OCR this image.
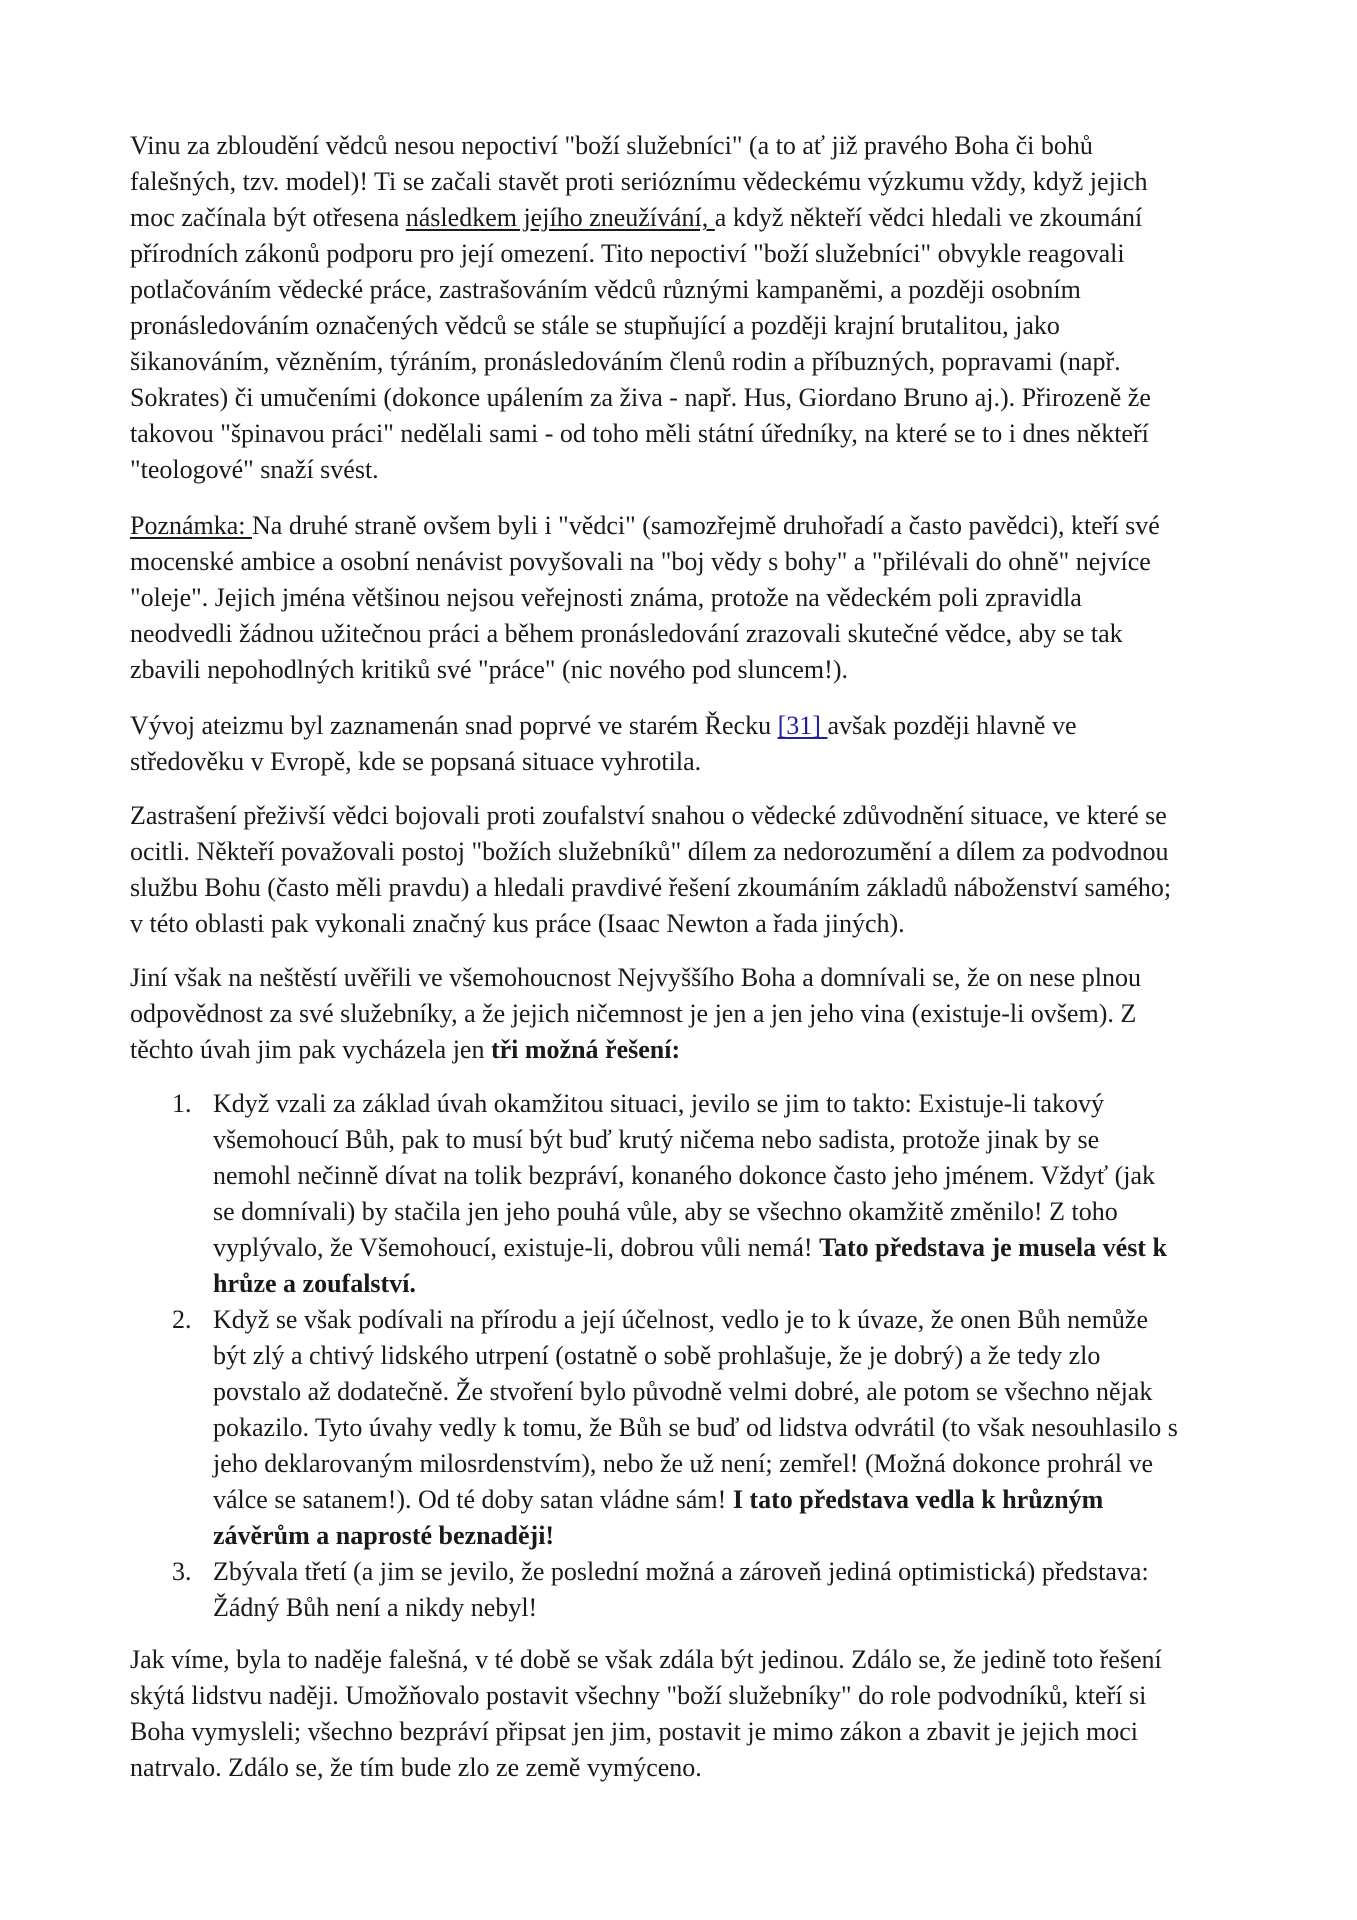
Vinu za zbloudění vědců nesou nepoctiví "boží služebníci" (a to ať již pravého Boha či bohů
falešných, tzv. model)! Ti se začali stavět proti serióznímu vědeckému výzkumu vždy, když jejich
moc začínala být otřesena následkem jejího zneužívání, a když někteří vědci hledali ve zkoumání
přírodních zákonů podporu pro její omezení. Tito nepoctiví "boží služebníci" obvykle reagovali
potlačováním vědecké práce, zastrašováním vědců různými kampaněmi, a později osobním
pronásledováním označených vědců se stále se stupňující a později krajní brutalitou, jako
šikanováním, vězněním, týráním, pronásledováním členů rodin a příbuzných, popravami (např.
Sokrates) či umučeními (dokonce upálením za živa - např. Hus, Giordano Bruno aj.). Přirozeně že
takovou "špinavou práci" nedělali sami - od toho měli státní úředníky, na které se to i dnes někteří
"teologové" snaží svést.
Poznámka: Na druhé straně ovšem byli i "vědci" (samozřejmě druhořadí a často pavědci), kteří své
mocenské ambice a osobní nenávist povyšovali na "boj vědy s bohy" a "přilévali do ohně" nejvíce
"oleje". Jejich jména většinou nejsou veřejnosti známa, protože na vědeckém poli zpravidla
neodvedli žádnou užitečnou práci a během pronásledování zrazovali skutečné vědce, aby se tak
zbavili nepohodlných kritiků své "práce" (nic nového pod sluncem!).
Vývoj ateizmu byl zaznamenán snad poprvé ve starém Řecku [31] avšak později hlavně ve
středověku v Evropě, kde se popsaná situace vyhrotila.
Zastrašení přeživší vědci bojovali proti zoufalství snahou o vědecké zdůvodnění situace, ve které se
ocitli. Někteří považovali postoj "božích služebníků" dílem za nedorozumění a dílem za podvodnou
službu Bohu (často měli pravdu) a hledali pravdivé řešení zkoumáním základů náboženství samého;
v této oblasti pak vykonali značný kus práce (Isaac Newton a řada jiných).
Jiní však na neštěstí uvěřili ve všemohoucnost Nejvyššího Boha a domnívali se, že on nese plnou
odpovědnost za své služebníky, a že jejich ničemnost je jen a jen jeho vina (existuje-li ovšem). Z
těchto úvah jim pak vycházela jen tři možná řešení:
1. Když vzali za základ úvah okamžitou situaci, jevilo se jim to takto: Existuje-li takový
všemohoucí Bůh, pak to musí být buď krutý ničema nebo sadista, protože jinak by se
nemohl nečinně dívat na tolik bezpráví, konaného dokonce často jeho jménem. Vždyť (jak
se domnívali) by stačila jen jeho pouhá vůle, aby se všechno okamžitě změnilo! Z toho
vyplývalo, že Všemohoucí, existuje-li, dobrou vůli nemá! Tato představa je musela vést k
hrůze a zoufalství.
2. Když se však podívali na přírodu a její účelnost, vedlo je to k úvaze, že onen Bůh nemůže
být zlý a chtivý lidského utrpení (ostatně o sobě prohlašuje, že je dobrý) a že tedy zlo
povstalo až dodatečně. Že stvoření bylo původně velmi dobré, ale potom se všechno nějak
pokazilo. Tyto úvahy vedly k tomu, že Bůh se buď od lidstva odvrátil (to však nesouhlasilo s
jeho deklarovaným milosrdenstvím), nebo že už není; zemřel! (Možná dokonce prohrál ve
válce se satanem!). Od té doby satan vládne sám! I tato představa vedla k hrůzným
závěrům a naprosté beznaději!
3. Zbývala třetí (a jim se jevilo, že poslední možná a zároveň jediná optimistická) představa:
Žádný Bůh není a nikdy nebyl!
Jak víme, byla to naděje falešná, v té době se však zdála být jedinou. Zdálo se, že jedině toto řešení
skýtá lidstvu naději. Umožňovalo postavit všechny "boží služebníky" do role podvodníků, kteří si
Boha vymysleli; všechno bezpráví připsat jen jim, postavit je mimo zákon a zbavit je jejich moci
natrvalo. Zdálo se, že tím bude zlo ze země vymýceno.
